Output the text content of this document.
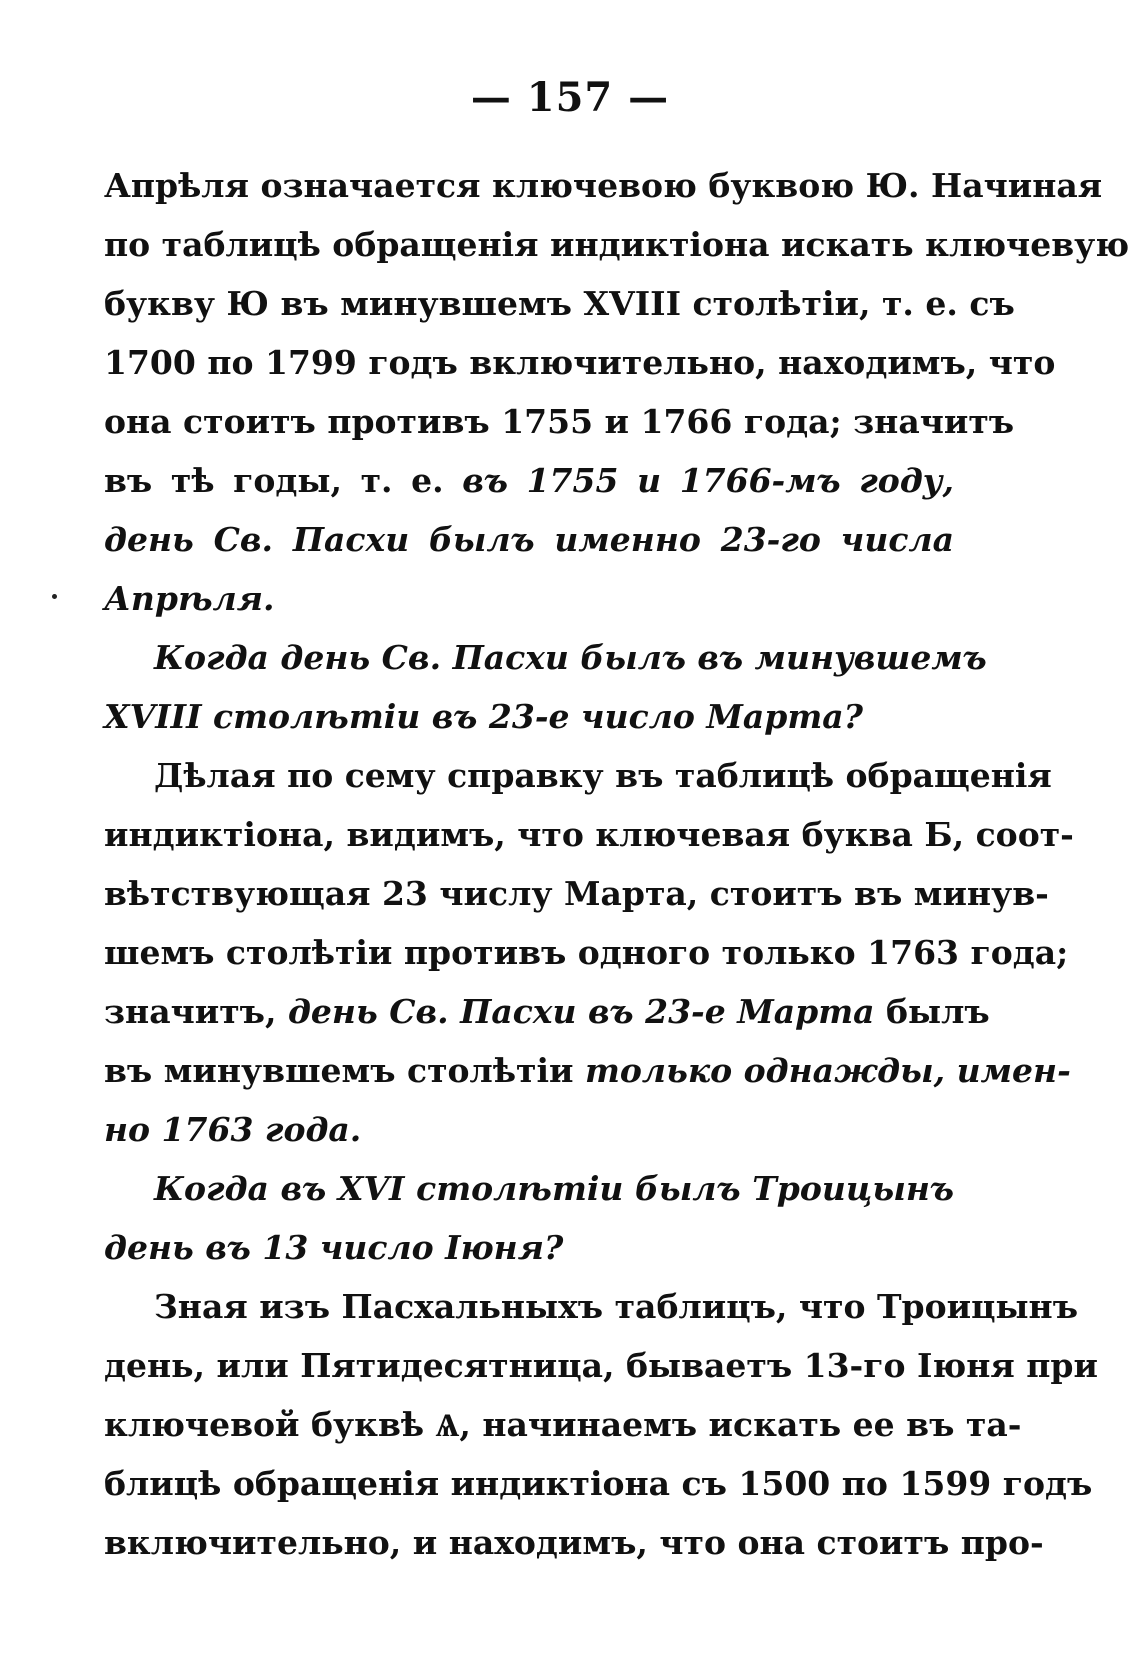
— 157 —
Апрѣля означается ключевою буквою Ю. Начиная
по таблицѣ обращенія индиктіона искать ключевую
букву Ю въ минувшемъ XVIII столѣтіи, т. е. съ
1700 по 1799 годъ включительно, находимъ, что
она стоитъ противъ 1755 и 1766 года; значитъ
въ тѣ годы, т. е. въ 1755 и 1766-мъ году,
день Св. Пасхи былъ именно 23-го числа
Апрѣля.
Когда день Св. Пасхи былъ въ минувшемъ
XVIII столѣтіи въ 23-е число Марта?
Дѣлая по сему справку въ таблицѣ обращенія
индиктіона, видимъ, что ключевая буква Б, соот-
вѣтствующая 23 числу Марта, стоитъ въ минув-
шемъ столѣтіи противъ одного только 1763 года;
значитъ, день Св. Пасхи въ 23-е Марта былъ
въ минувшемъ столѣтіи только однажды, имен-
но 1763 года.
Когда въ XVI столѣтіи былъ Троицынъ
день въ 13 число Іюня?
Зная изъ Пасхальныхъ таблицъ, что Троицынъ
день, или Пятидесятница, бываетъ 13-го Іюня при
ключевой буквѣ Ѧ, начинаемъ искать ее въ та-
блицѣ обращенія индиктіона съ 1500 по 1599 годъ
включительно, и находимъ, что она стоитъ про-
